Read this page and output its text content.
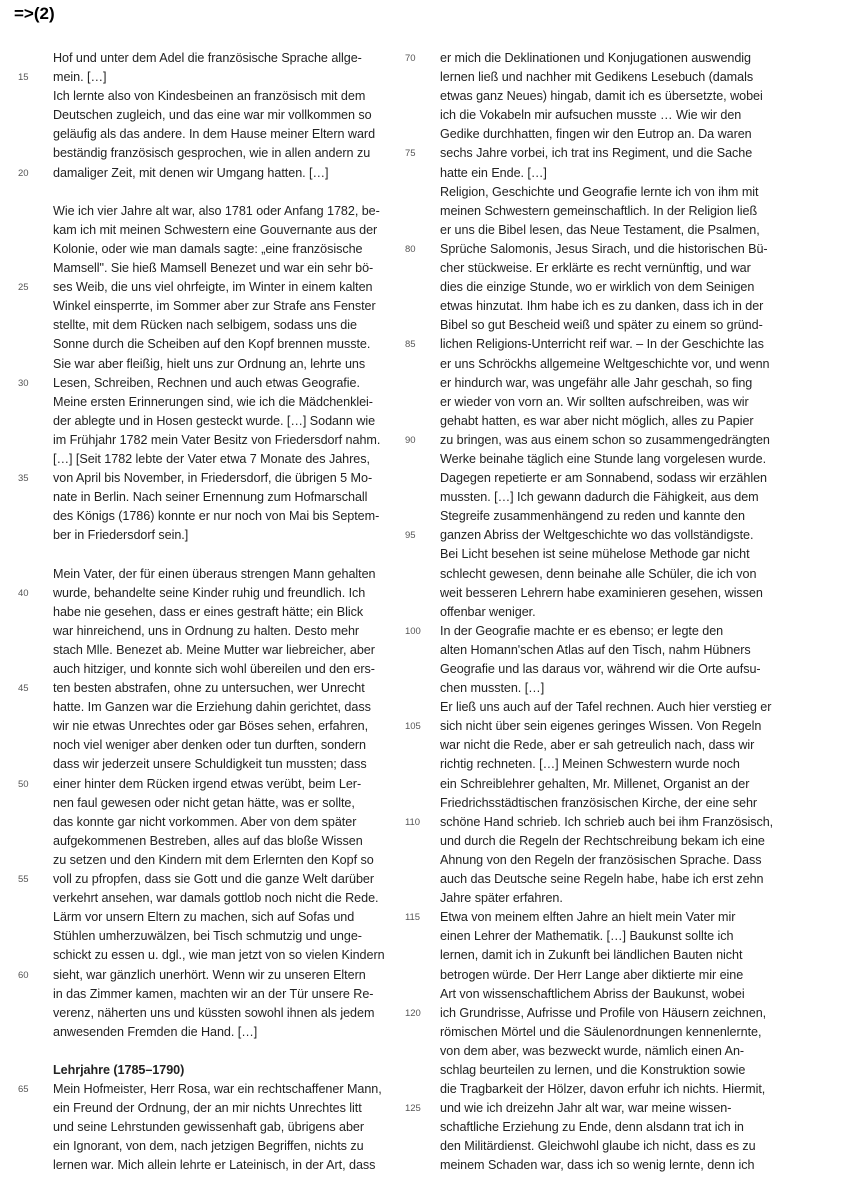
=>(2)
Hof und unter dem Adel die französische Sprache allge-
15	mein. […]
Ich lernte also von Kindesbeinen an französisch mit dem
Deutschen zugleich, und das eine war mir vollkommen so
geläufig als das andere. In dem Hause meiner Eltern ward
beständig französisch gesprochen, wie in allen andern zu
20	damaliger Zeit, mit denen wir Umgang hatten. […]
Wie ich vier Jahre alt war, also 1781 oder Anfang 1782, be-
kam ich mit meinen Schwestern eine Gouvernante aus der
Kolonie, oder wie man damals sagte: „eine französische
Mamsell". Sie hieß Mamsell Benezet und war ein sehr bö-
25	ses Weib, die uns viel ohrfeigte, im Winter in einem kalten
Winkel einsperrte, im Sommer aber zur Strafe ans Fenster
stellte, mit dem Rücken nach selbigem, sodass uns die
Sonne durch die Scheiben auf den Kopf brennen musste.
Sie war aber fleißig, hielt uns zur Ordnung an, lehrte uns
30	Lesen, Schreiben, Rechnen und auch etwas Geografie.
Meine ersten Erinnerungen sind, wie ich die Mädchenklei-
der ablegte und in Hosen gesteckt wurde. […] Sodann wie
im Frühjahr 1782 mein Vater Besitz von Friedersdorf nahm.
[…] [Seit 1782 lebte der Vater etwa 7 Monate des Jahres,
35	von April bis November, in Friedersdorf, die übrigen 5 Mo-
nate in Berlin. Nach seiner Ernennung zum Hofmarschall
des Königs (1786) konnte er nur noch von Mai bis Septem-
ber in Friedersdorf sein.]
Mein Vater, der für einen überaus strengen Mann gehalten
40	wurde, behandelte seine Kinder ruhig und freundlich. Ich
habe nie gesehen, dass er eines gestraft hätte; ein Blick
war hinreichend, uns in Ordnung zu halten. Desto mehr
stach Mlle. Benezet ab. Meine Mutter war liebreicher, aber
auch hitziger, und konnte sich wohl übereilen und den ers-
45	ten besten abstrafen, ohne zu untersuchen, wer Unrecht
hatte. Im Ganzen war die Erziehung dahin gerichtet, dass
wir nie etwas Unrechtes oder gar Böses sehen, erfahren,
noch viel weniger aber denken oder tun durften, sondern
dass wir jederzeit unsere Schuldigkeit tun mussten; dass
50	einer hinter dem Rücken irgend etwas verübt, beim Ler-
nen faul gewesen oder nicht getan hätte, was er sollte,
das konnte gar nicht vorkommen. Aber von dem später
aufgekommenen Bestreben, alles auf das bloße Wissen
zu setzen und den Kindern mit dem Erlernten den Kopf so
55	voll zu pfropfen, dass sie Gott und die ganze Welt darüber
verkehrt ansehen, war damals gottlob noch nicht die Rede.
Lärm vor unsern Eltern zu machen, sich auf Sofas und
Stühlen umherzuwälzen, bei Tisch schmutzig und unge-
schickt zu essen u. dgl., wie man jetzt von so vielen Kindern
60	sieht, war gänzlich unerhört. Wenn wir zu unseren Eltern
in das Zimmer kamen, machten wir an der Tür unsere Re-
verenz, näherten uns und küssten sowohl ihnen als jedem
anwesenden Fremden die Hand. […]
Lehrjahre (1785–1790)
65	Mein Hofmeister, Herr Rosa, war ein rechtschaffener Mann,
ein Freund der Ordnung, der an mir nichts Unrechtes litt
und seine Lehrstunden gewissenhaft gab, übrigens aber
ein Ignorant, von dem, nach jetzigen Begriffen, nichts zu
lernen war. Mich allein lehrte er Lateinisch, in der Art, dass
70	er mich die Deklinationen und Konjugationen auswendig
lernen ließ und nachher mit Gedikens Lesebuch (damals
etwas ganz Neues) hingab, damit ich es übersetzte, wobei
ich die Vokabeln mir aufsuchen musste … Wie wir den
Gedike durchhatten, fingen wir den Eutrop an. Da waren
75	sechs Jahre vorbei, ich trat ins Regiment, und die Sache
hatte ein Ende. […]
Religion, Geschichte und Geografie lernte ich von ihm mit
meinen Schwestern gemeinschaftlich. In der Religion ließ
er uns die Bibel lesen, das Neue Testament, die Psalmen,
80	Sprüche Salomonis, Jesus Sirach, und die historischen Bü-
cher stückweise. Er erklärte es recht vernünftig, und war
dies die einzige Stunde, wo er wirklich von dem Seinigen
etwas hinzutat. Ihm habe ich es zu danken, dass ich in der
Bibel so gut Bescheid weiß und später zu einem so gründ-
85	lichen Religions-Unterricht reif war. – In der Geschichte las
er uns Schröckhs allgemeine Weltgeschichte vor, und wenn
er hindurch war, was ungefähr alle Jahr geschah, so fing
er wieder von vorn an. Wir sollten aufschreiben, was wir
gehabt hatten, es war aber nicht möglich, alles zu Papier
90	zu bringen, was aus einem schon so zusammengedrängten
Werke beinahe täglich eine Stunde lang vorgelesen wurde.
Dagegen repetierte er am Sonnabend, sodass wir erzählen
mussten. […] Ich gewann dadurch die Fähigkeit, aus dem
Stegreife zusammenhängend zu reden und kannte den
95	ganzen Abriss der Weltgeschichte wo das vollständigste.
Bei Licht besehen ist seine mühelose Methode gar nicht
schlecht gewesen, denn beinahe alle Schüler, die ich von
weit besseren Lehrern habe examinieren gesehen, wissen
offenbar weniger.
100	In der Geografie machte er es ebenso; er legte den
alten Homann'schen Atlas auf den Tisch, nahm Hübners
Geografie und las daraus vor, während wir die Orte aufsu-
chen mussten. […]
Er ließ uns auch auf der Tafel rechnen. Auch hier verstieg er
105	sich nicht über sein eigenes geringes Wissen. Von Regeln
war nicht die Rede, aber er sah getreulich nach, dass wir
richtig rechneten. […] Meinen Schwestern wurde noch
ein Schreiblehrer gehalten, Mr. Millenet, Organist an der
Friedrichsstädtischen französischen Kirche, der eine sehr
110	schöne Hand schrieb. Ich schrieb auch bei ihm Französisch,
und durch die Regeln der Rechtschreibung bekam ich eine
Ahnung von den Regeln der französischen Sprache. Dass
auch das Deutsche seine Regeln habe, habe ich erst zehn
Jahre später erfahren.
115	Etwa von meinem elften Jahre an hielt mein Vater mir
einen Lehrer der Mathematik. […] Baukunst sollte ich
lernen, damit ich in Zukunft bei ländlichen Bauten nicht
betrogen würde. Der Herr Lange aber diktierte mir eine
Art von wissenschaftlichem Abriss der Baukunst, wobei
120	ich Grundrisse, Aufrisse und Profile von Häusern zeichnen,
römischen Mörtel und die Säulenordnungen kennenlernte,
von dem aber, was bezweckt wurde, nämlich einen An-
schlag beurteilen zu lernen, und die Konstruktion sowie
die Tragbarkeit der Hölzer, davon erfuhr ich nichts. Hiermit,
125	und wie ich dreizehn Jahr alt war, war meine wissen-
schaftliche Erziehung zu Ende, denn alsdann trat ich in
den Militärdienst. Gleichwohl glaube ich nicht, dass es zu
meinem Schaden war, dass ich so wenig lernte, denn ich
